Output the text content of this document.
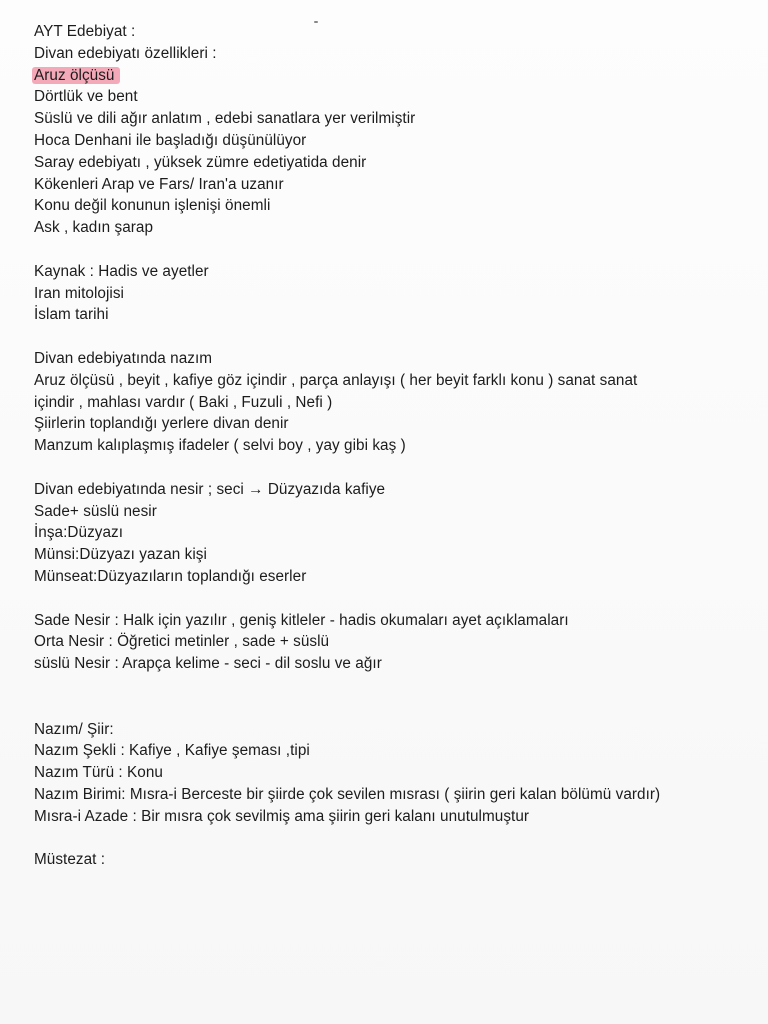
AYT Edebiyat :
Divan edebiyatı özellikleri :
Aruz ölçüsü
Dörtlük ve bent
Süslü ve dili ağır anlatım , edebi sanatlara yer verilmiştir
Hoca Denhani ile başladığı düşünülüyor
Saray edebiyatı , yüksek zümre edetiyatida denir
Kökenleri Arap ve Fars/ Iran'a uzanır
Konu değil konunun işlenişi önemli
Ask , kadın şarap
Kaynak : Hadis ve ayetler
Iran mitolojisi
İslam tarihi
Divan edebiyatında nazım
Aruz ölçüsü , beyit , kafiye göz içindir , parça anlayışı ( her beyit farklı konu ) sanat sanat
içindir , mahlası vardır ( Baki , Fuzuli , Nefi )
Şiirlerin toplandığı yerlere divan denir
Manzum kalıplaşmış ifadeler ( selvi boy , yay gibi kaş )
Divan edebiyatında nesir ; seci → Düzyazıda kafiye
Sade+ süslü nesir
İnşa:Düzyazı
Münsi:Düzyazı yazan kişi
Münseat:Düzyazıların toplandığı eserler
Sade Nesir : Halk için yazılır , geniş kitleler - hadis okumaları ayet açıklamaları
Orta Nesir : Öğretici metinler , sade + süslü
süslü Nesir : Arapça kelime - seci - dil soslu ve ağır
Nazım/ Şiir:
Nazım Şekli : Kafiye , Kafiye şeması ,tipi
Nazım Türü : Konu
Nazım Birimi: Mısra-i Berceste bir şiirde çok sevilen mısrası ( şiirin geri kalan bölümü vardır)
Mısra-i Azade : Bir mısra çok sevilmiş ama şiirin geri kalanı unutulmuştur
Müstezat :
